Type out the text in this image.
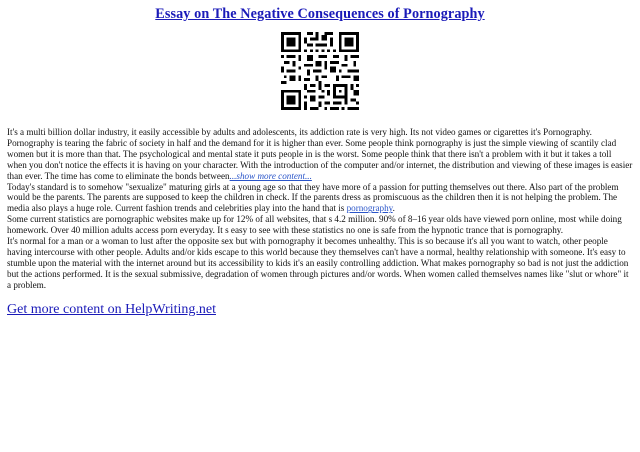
Essay on The Negative Consequences of Pornography

It's a multi billion dollar industry, it easily accessible by adults and adolescents, its addiction rate is very high. Its not video games or cigarettes it's Pornography. Pornography is tearing the fabric of society in half and the demand for it is higher than ever. Some people think pornography is just the simple viewing of scantily clad women but it is more than that. The psychological and mental state it puts people in is the worst. Some people think that there isn't a problem with it but it takes a toll when you don't notice the effects it is having on your character. With the introduction of the computer and/or internet, the distribution and viewing of these images is easier than ever. The time has come to eliminate the bonds between...show more content...

Today's standard is to somehow "sexualize" maturing girls at a young age so that they have more of a passion for putting themselves out there. Also part of the problem would be the parents. The parents are supposed to keep the children in check. If the parents dress as promiscuous as the children then it is not helping the problem. The media also plays a huge role. Current fashion trends and celebrities play into the hand that is pornography.

Some current statistics are pornographic websites make up for 12% of all websites, that s 4.2 million. 90% of 8–16 year olds have viewed porn online, most while doing homework. Over 40 million adults access porn everyday. It s easy to see with these statistics no one is safe from the hypnotic trance that is pornography.

It's normal for a man or a woman to lust after the opposite sex but with pornography it becomes unhealthy. This is so because it's all you want to watch, other people having intercourse with other people. Adults and/or kids escape to this world because they themselves can't have a normal, healthy relationship with someone. It's easy to stumble upon the material with the internet around but its accessibility to kids it's an easily controlling addiction. What makes pornography so bad is not just the addiction but the actions performed. It is the sexual submissive, degradation of women through pictures and/or words. When women called themselves names like "slut or whore" it a problem.

Get more content on HelpWriting.net
